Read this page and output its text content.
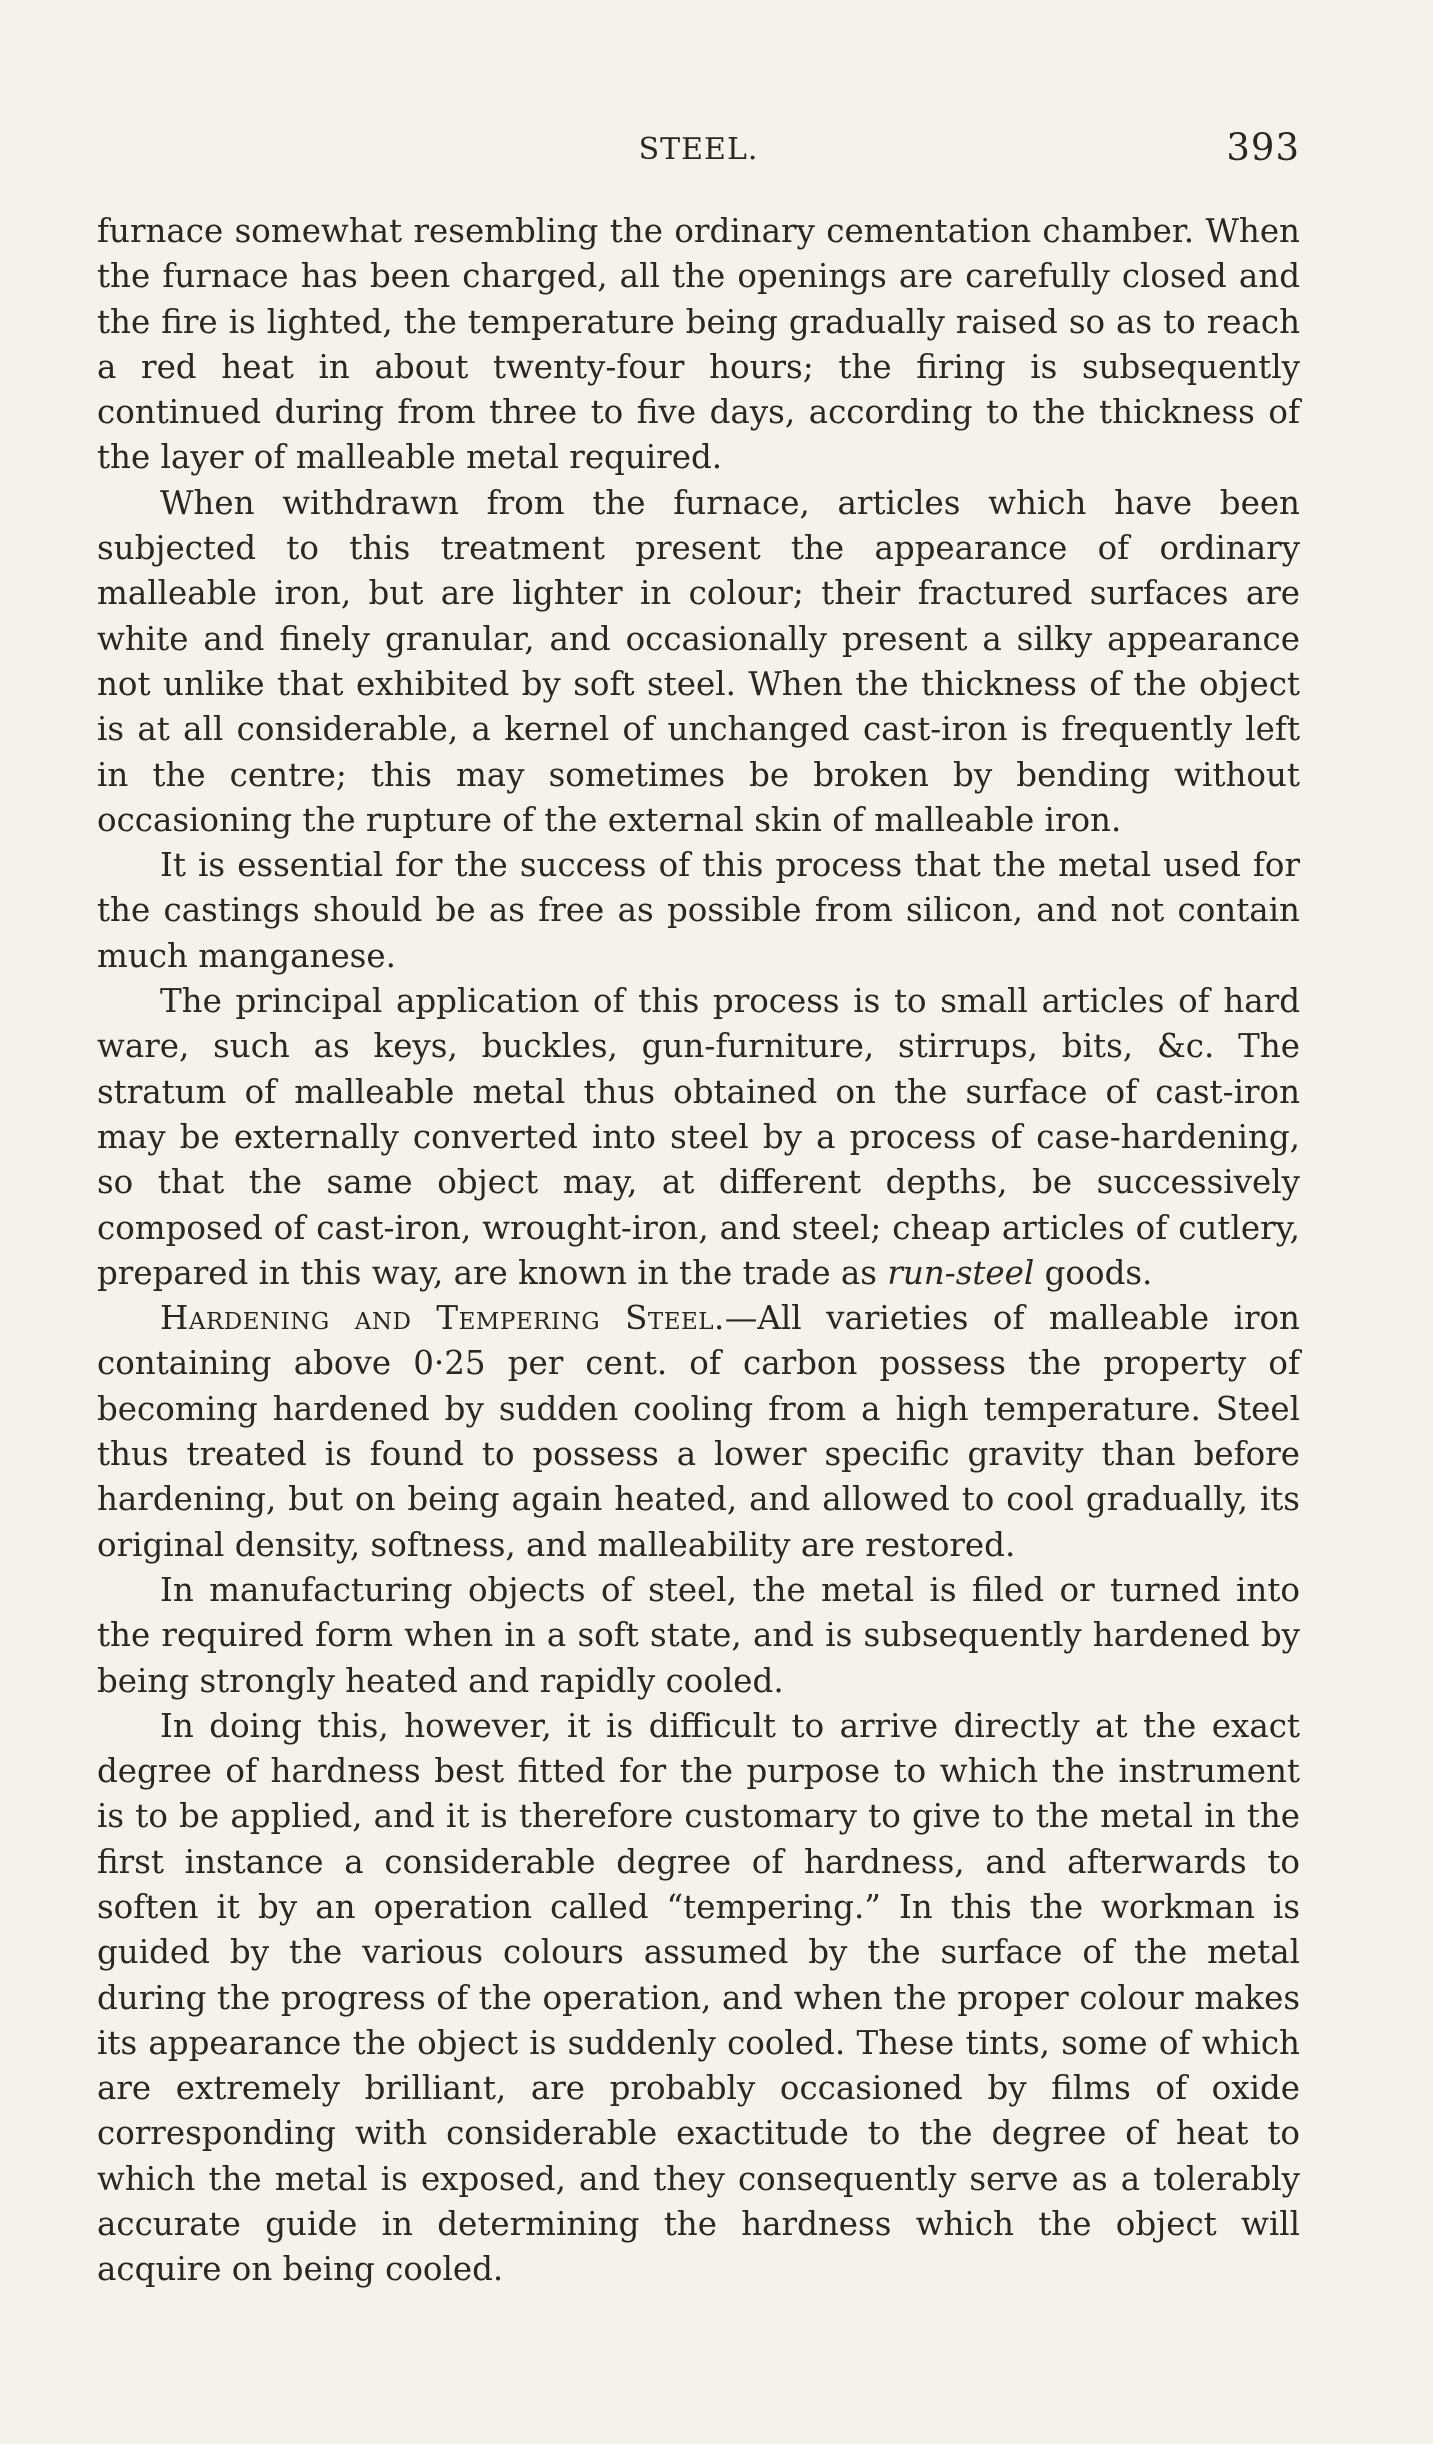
STEEL.	393

furnace somewhat resembling the ordinary cementation chamber. When the furnace has been charged, all the openings are carefully closed and the fire is lighted, the temperature being gradually raised so as to reach a red heat in about twenty-four hours; the firing is subsequently continued during from three to five days, according to the thickness of the layer of malleable metal required.

When withdrawn from the furnace, articles which have been subjected to this treatment present the appearance of ordinary malleable iron, but are lighter in colour; their fractured surfaces are white and finely granular, and occasionally present a silky appearance not unlike that exhibited by soft steel. When the thickness of the object is at all considerable, a kernel of unchanged cast-iron is frequently left in the centre; this may sometimes be broken by bending without occasioning the rupture of the external skin of malleable iron.

It is essential for the success of this process that the metal used for the castings should be as free as possible from silicon, and not contain much manganese.

The principal application of this process is to small articles of hard ware, such as keys, buckles, gun-furniture, stirrups, bits, &c. The stratum of malleable metal thus obtained on the surface of cast-iron may be externally converted into steel by a process of case-hardening, so that the same object may, at different depths, be successively composed of cast-iron, wrought-iron, and steel; cheap articles of cutlery, prepared in this way, are known in the trade as run-steel goods.

Hardening and Tempering Steel.—All varieties of malleable iron containing above 0·25 per cent. of carbon possess the property of becoming hardened by sudden cooling from a high temperature. Steel thus treated is found to possess a lower specific gravity than before hardening, but on being again heated, and allowed to cool gradually, its original density, softness, and malleability are restored.

In manufacturing objects of steel, the metal is filed or turned into the required form when in a soft state, and is subsequently hardened by being strongly heated and rapidly cooled.

In doing this, however, it is difficult to arrive directly at the exact degree of hardness best fitted for the purpose to which the instrument is to be applied, and it is therefore customary to give to the metal in the first instance a considerable degree of hardness, and afterwards to soften it by an operation called “tempering.” In this the workman is guided by the various colours assumed by the surface of the metal during the progress of the operation, and when the proper colour makes its appearance the object is suddenly cooled. These tints, some of which are extremely brilliant, are probably occasioned by films of oxide corresponding with considerable exactitude to the degree of heat to which the metal is exposed, and they consequently serve as a tolerably accurate guide in determining the hardness which the object will acquire on being cooled.
